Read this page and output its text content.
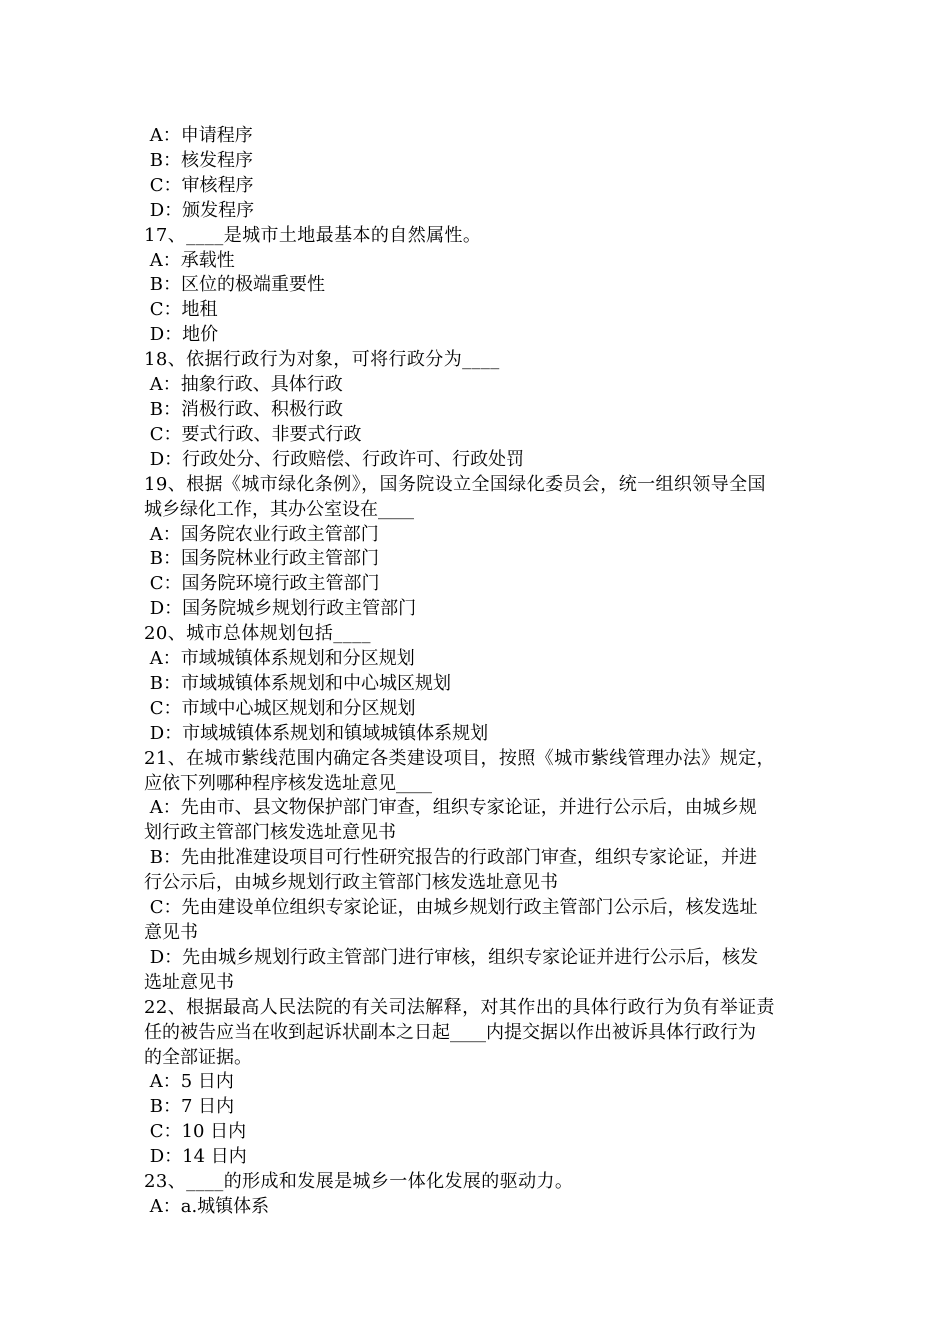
A：申请程序
B：核发程序
C：审核程序
D：颁发程序
17、____是城市土地最基本的自然属性。
A：承载性
B：区位的极端重要性
C：地租
D：地价
18、依据行政行为对象，可将行政分为____
A：抽象行政、具体行政
B：消极行政、积极行政
C：要式行政、非要式行政
D：行政处分、行政赔偿、行政许可、行政处罚
19、根据《城市绿化条例》，国务院设立全国绿化委员会，统一组织领导全国
城乡绿化工作，其办公室设在____
A：国务院农业行政主管部门
B：国务院林业行政主管部门
C：国务院环境行政主管部门
D：国务院城乡规划行政主管部门
20、城市总体规划包括____
A：市域城镇体系规划和分区规划
B：市域城镇体系规划和中心城区规划
C：市域中心城区规划和分区规划
D：市域城镇体系规划和镇域城镇体系规划
21、在城市紫线范围内确定各类建设项目，按照《城市紫线管理办法》规定，
应依下列哪种程序核发选址意见____
A：先由市、县文物保护部门审查，组织专家论证，并进行公示后，由城乡规
划行政主管部门核发选址意见书
B：先由批准建设项目可行性研究报告的行政部门审查，组织专家论证，并进
行公示后，由城乡规划行政主管部门核发选址意见书
C：先由建设单位组织专家论证，由城乡规划行政主管部门公示后，核发选址
意见书
D：先由城乡规划行政主管部门进行审核，组织专家论证并进行公示后，核发
选址意见书
22、根据最高人民法院的有关司法解释，对其作出的具体行政行为负有举证责
任的被告应当在收到起诉状副本之日起____内提交据以作出被诉具体行政行为
的全部证据。
A：5 日内
B：7 日内
C：10 日内
D：14 日内
23、____的形成和发展是城乡一体化发展的驱动力。
A：a.城镇体系
